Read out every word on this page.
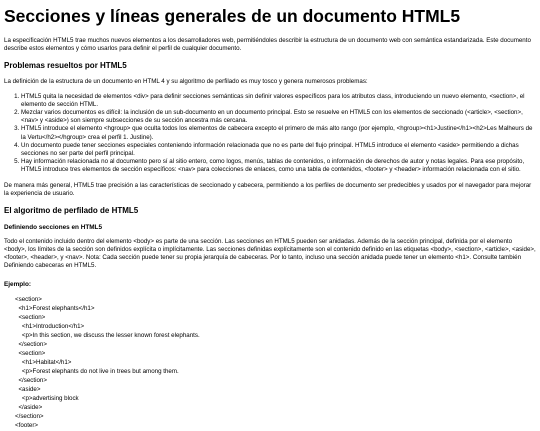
Secciones y líneas generales de un documento HTML5

La especificación HTML5 trae muchos nuevos elementos a los desarrolladores web, permitiéndoles describir la estructura de un documento web con semántica estandarizada. Este documento describe estos elementos y cómo usarlos para definir el perfil de cualquier documento.

Problemas resueltos por HTML5

La definición de la estructura de un documento en HTML 4 y su algoritmo de perfilado es muy tosco y genera numerosos problemas:

1. HTML5 quita la necesidad de elementos <div> para definir secciones semánticas sin definir valores específicos para los atributos class, introduciendo un nuevo elemento, <section>, el elemento de sección HTML.
2. Mezclar varios documentos es difícil: la inclusión de un sub-documento en un documento principal. Esto se resuelve en HTML5 con los elementos de seccionado (<article>, <section>, <nav> y <aside>) son siempre subsecciones de su sección ancestra más cercana.
3. HTML5 introduce el elemento <hgroup> que oculta todos los elementos de cabecera excepto el primero de más alto rango (por ejemplo, <hgroup><h1>Justine</h1><h2>Les Malheurs de la Vertu</h2></hgroup> crea el perfil 1. Justine).
4. Un documento puede tener secciones especiales conteniendo información relacionada que no es parte del flujo principal. HTML5 introduce el elemento <aside> permitiendo a dichas secciones no ser parte del perfil principal.
5. Hay información relacionada no al documento pero sí al sitio entero, como logos, menús, tablas de contenidos, o información de derechos de autor y notas legales. Para ese propósito, HTML5 introduce tres elementos de sección específicos: <nav> para colecciones de enlaces, como una tabla de contenidos, <footer> y <header> información relacionada con el sitio.

De manera más general, HTML5 trae precisión a las características de seccionado y cabecera, permitiendo a los perfiles de documento ser predecibles y usados por el navegador para mejorar la experiencia de usuario.

El algoritmo de perfilado de HTML5
Definiendo secciones en HTML5

Todo el contenido incluido dentro del elemento <body> es parte de una sección. Las secciones en HTML5 pueden ser anidadas. Además de la sección principal, definida por el elemento <body>, los límites de la sección son definidos explícita o implícitamente. Las secciones definidas explícitamente son el contenido definido en las etiquetas <body>, <section>, <article>, <aside>, <footer>, <header>, y <nav>. Nota: Cada sección puede tener su propia jerarquía de cabeceras. Por lo tanto, incluso una sección anidada puede tener un elemento <h1>. Consulte también Definiendo cabeceras en HTML5.

Ejemplo:
<section>
<h1>Forest elephants</h1>
<section>
<h1>Introduction</h1>
<p>In this section, we discuss the lesser known forest elephants.
</section>
<section>
<h1>Habitat</h1>
<p>Forest elephants do not live in trees but among them.
</section>
<aside>
<p>advertising block
</aside>
</section>
<footer>
